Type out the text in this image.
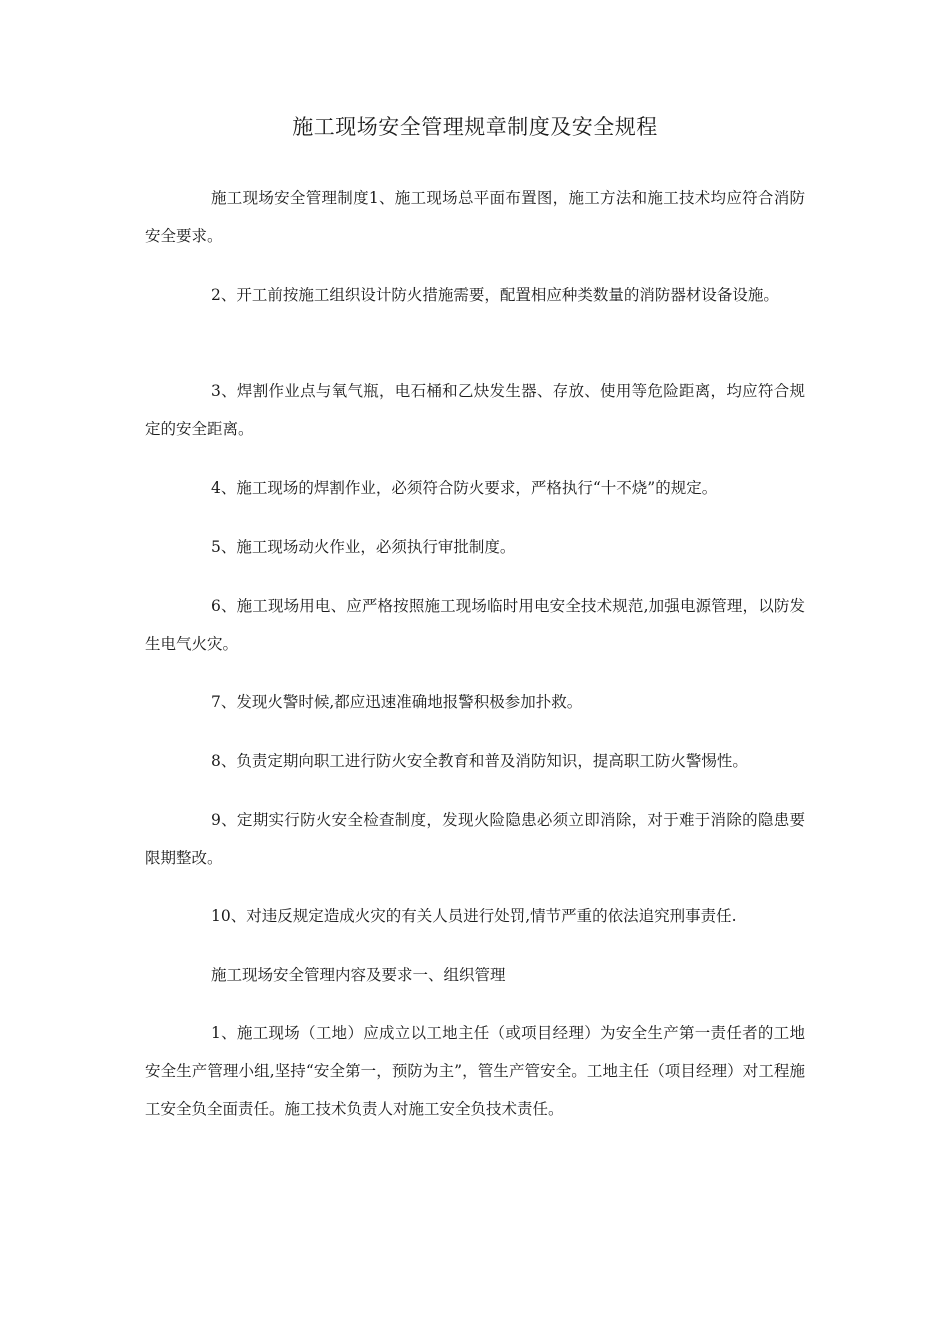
施工现场安全管理规章制度及安全规程

施工现场安全管理制度1、施工现场总平面布置图，施工方法和施工技术均应符合消防安全要求。

2、开工前按施工组织设计防火措施需要，配置相应种类数量的消防器材设备设施。

3、焊割作业点与氧气瓶，电石桶和乙炔发生器、存放、使用等危险距离，均应符合规定的安全距离。

4、施工现场的焊割作业，必须符合防火要求，严格执行“十不烧”的规定。

5、施工现场动火作业，必须执行审批制度。

6、施工现场用电、应严格按照施工现场临时用电安全技术规范,加强电源管理，以防发生电气火灾。

7、发现火警时候,都应迅速准确地报警积极参加扑救。

8、负责定期向职工进行防火安全教育和普及消防知识，提高职工防火警惕性。

9、定期实行防火安全检查制度，发现火险隐患必须立即消除，对于难于消除的隐患要限期整改。

10、对违反规定造成火灾的有关人员进行处罚,情节严重的依法追究刑事责任.

施工现场安全管理内容及要求一、组织管理

1、施工现场（工地）应成立以工地主任（或项目经理）为安全生产第一责任者的工地安全生产管理小组,坚持“安全第一，预防为主”，管生产管安全。工地主任（项目经理）对工程施工安全负全面责任。施工技术负责人对施工安全负技术责任。
